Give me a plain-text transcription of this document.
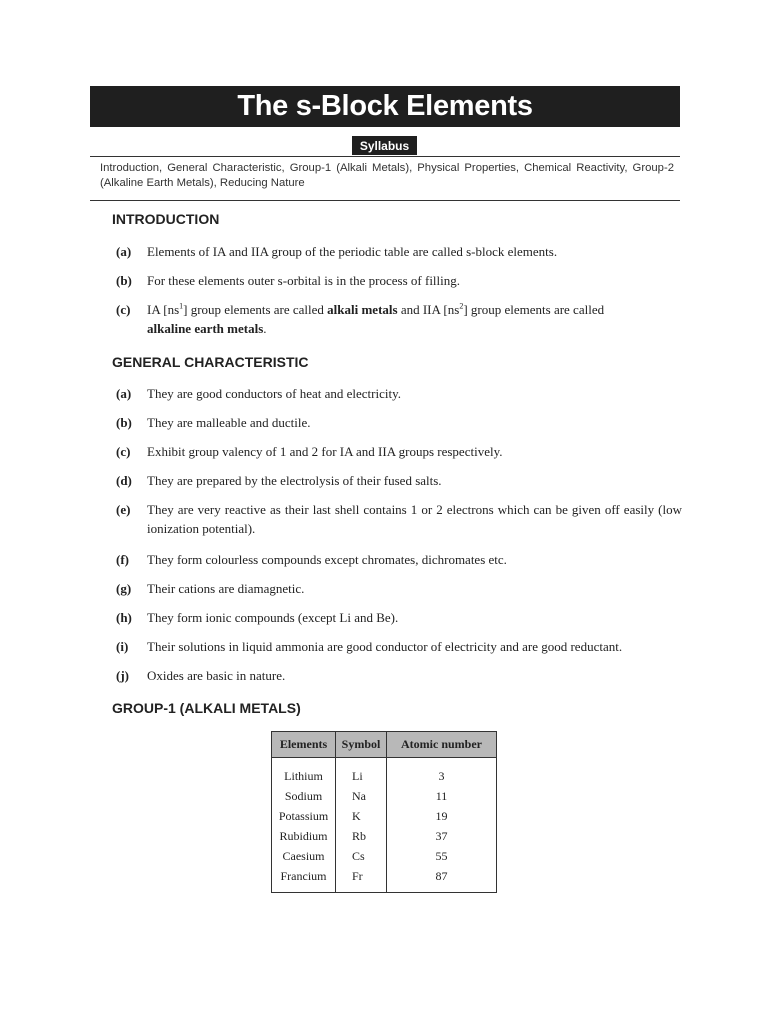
The s-Block Elements
Syllabus
Introduction, General Characteristic, Group-1 (Alkali Metals), Physical Properties, Chemical Reactivity, Group-2 (Alkaline Earth Metals), Reducing Nature
INTRODUCTION
(a) Elements of IA and IIA group of the periodic table are called s-block elements.
(b) For these elements outer s-orbital is in the process of filling.
(c) IA $[ns^1]$ group elements are called alkali metals and IIA $[ns^2]$ group elements are called
alkaline earth metals.
GENERAL CHARACTERISTIC
(a) They are good conductors of heat and electricity.
(b) They are malleable and ductile.
(c) Exhibit group valency of 1 and 2 for IA and IIA groups respectively.
(d) They are prepared by the electrolysis of their fused salts.
(e) They are very reactive as their last shell contains 1 or 2 electrons which can be given off easily (low ionization potential).
(f) They form colourless compounds except chromates, dichromates etc.
(g) Their cations are diamagnetic.
(h) They form ionic compounds (except Li and Be).
(i) Their solutions in liquid ammonia are good conductor of electricity and are good reductant.
(j) Oxides are basic in nature.
GROUP-1 (ALKALI METALS)
Elements	Symbol	Atomic number
Lithium	Li	3
Sodium	Na	11
Potassium	K	19
Rubidium	Rb	37
Caesium	Cs	55
Francium	Fr	87
